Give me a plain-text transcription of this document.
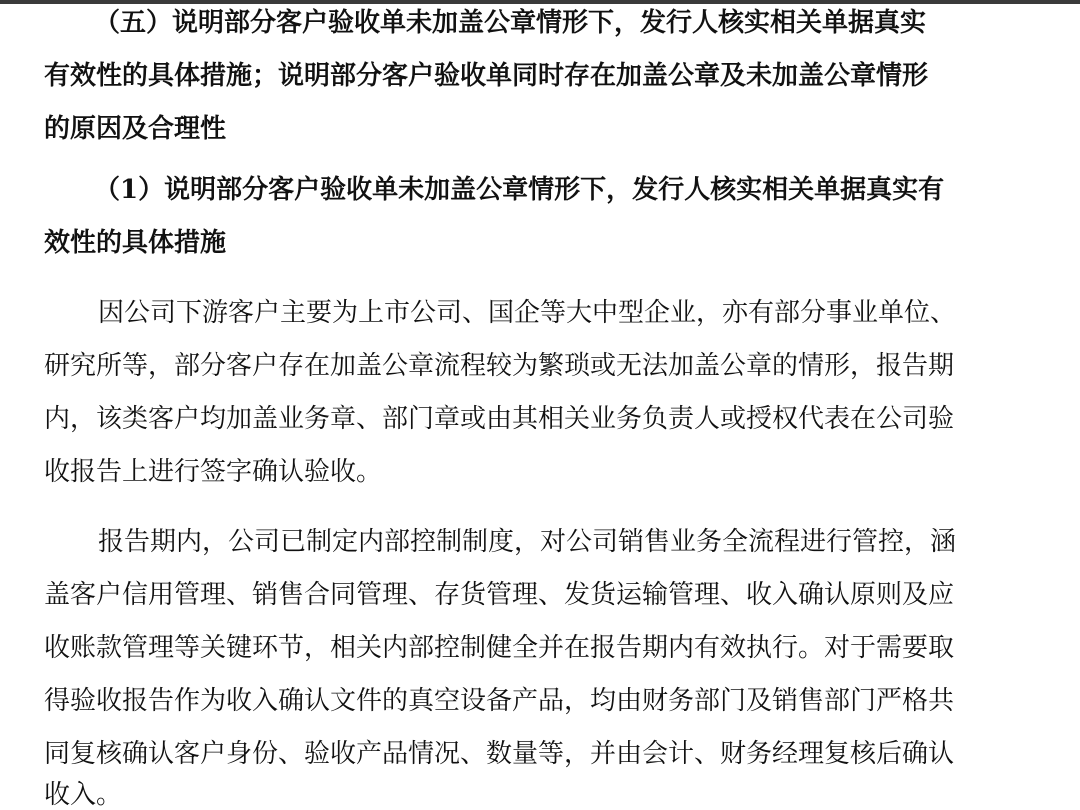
（五）说明部分客户验收单未加盖公章情形下，发行人核实相关单据真实
有效性的具体措施；说明部分客户验收单同时存在加盖公章及未加盖公章情形
的原因及合理性
（1）说明部分客户验收单未加盖公章情形下，发行人核实相关单据真实有
效性的具体措施
因公司下游客户主要为上市公司、国企等大中型企业，亦有部分事业单位、
研究所等，部分客户存在加盖公章流程较为繁琐或无法加盖公章的情形，报告期
内，该类客户均加盖业务章、部门章或由其相关业务负责人或授权代表在公司验
收报告上进行签字确认验收。
报告期内，公司已制定内部控制制度，对公司销售业务全流程进行管控，涵
盖客户信用管理、销售合同管理、存货管理、发货运输管理、收入确认原则及应
收账款管理等关键环节，相关内部控制健全并在报告期内有效执行。对于需要取
得验收报告作为收入确认文件的真空设备产品，均由财务部门及销售部门严格共
同复核确认客户身份、验收产品情况、数量等，并由会计、财务经理复核后确认
收入。
